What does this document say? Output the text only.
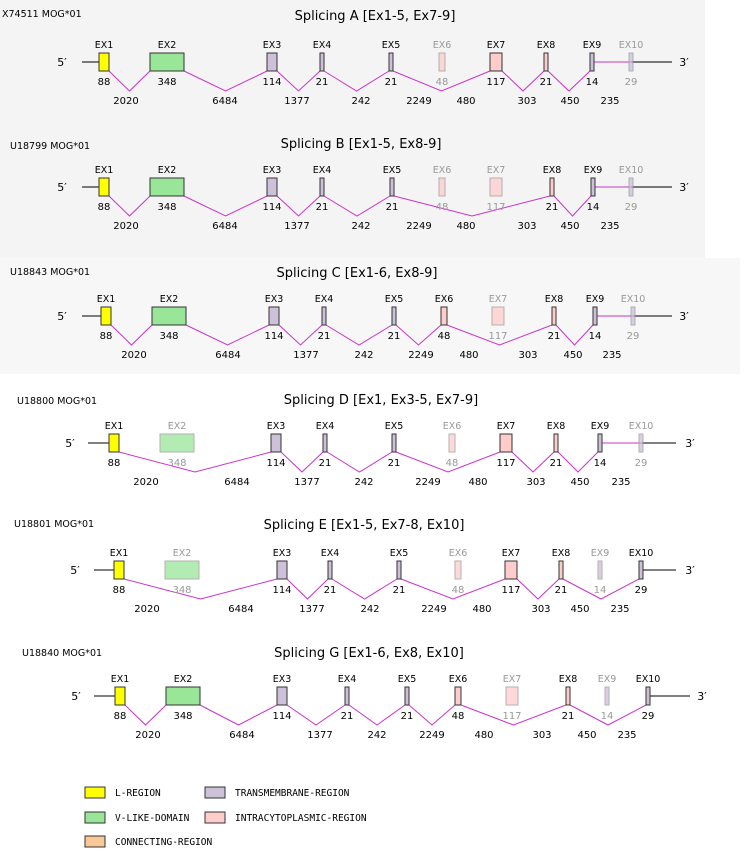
X74511 MOG*01	Splicing A [Ex1-5, Ex7-9]
5′	3′
EX1
88
EX2
348
EX3
114
EX4
21
EX5
21
EX6
48
EX7
117
EX8
21
EX9
14
EX10
29
2020	6484	1377	242	2249 480	303 450 235
U18799 MOG*01	Splicing B [Ex1-5, Ex8-9]
5′	3′
EX1
88
EX2
348
EX3
114
EX4
21
EX5
21
EX6
48
EX7
117
EX8
21
EX9
14
EX10
29
2020	6484	1377	242	2249 480	303 450 235
U18843 MOG*01	Splicing C [Ex1-6, Ex8-9]
5′	3′
EX1
88
EX2
348
EX3
114
EX4
21
EX5
21
EX6
48
EX7
117
EX8
21
EX9
14
EX10
29
2020	6484	1377	242	2249	480	303	450 235
U18800 MOG*01	Splicing D [Ex1, Ex3-5, Ex7-9]
5′	3′
EX1
88
EX2
348
EX3
114
EX4
21
EX5
21
EX6
48
EX7
117
EX8
21
EX9
14
EX10
29
2020	6484	1377	242	2249	480	303 450 235
U18801 MOG*01	Splicing E [Ex1-5, Ex7-8, Ex10]
5′	3′
EX1
88
EX2
348
EX3
114
EX4
21
EX5
21
EX6
48
EX7
117
EX8
21
EX9
14
EX10
29
2020	6484	1377	242	2249	480	303 450 235
U18840 MOG*01	Splicing G [Ex1-6, Ex8, Ex10]
5′	3′
EX1
88
EX2
348
EX3
114
EX4
21
EX5
21
EX6
48
EX7
117
EX8
21
EX9
14
EX10
29
2020	6484	1377	242	2249	480	303	450 235
L-REGION	TRANSMEMBRANE-REGION
V-LIKE-DOMAIN	INTRACYTOPLASMIC-REGION
CONNECTING-REGION
